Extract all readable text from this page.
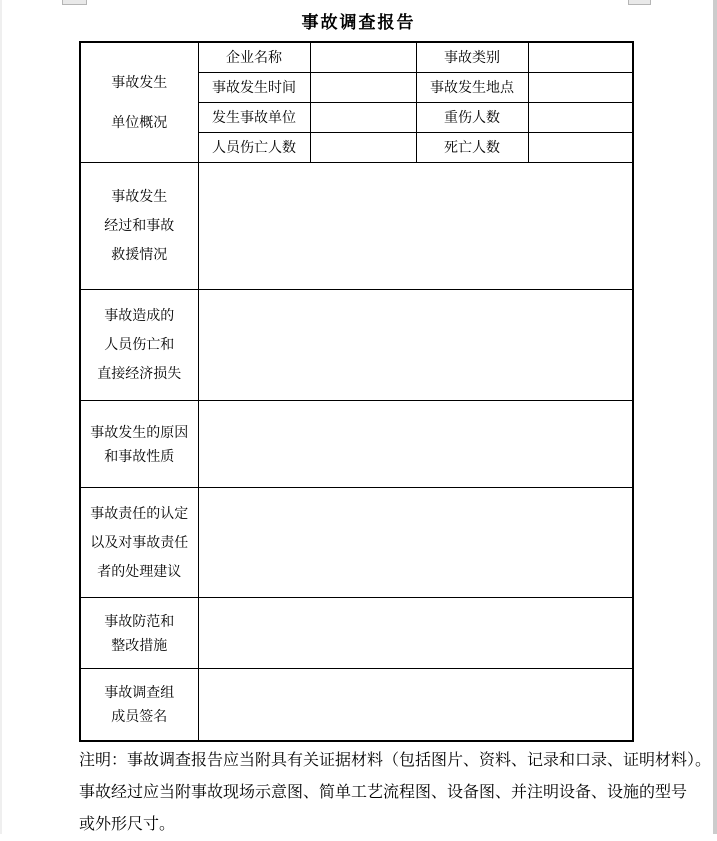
事故调查报告
事故发生
单位概况	企业名称		事故类别	
	事故发生时间		事故发生地点	
	发生事故单位		重伤人数	
	人员伤亡人数		死亡人数	

事故发生
经过和事故
救援情况				

事故造成的
人员伤亡和
直接经济损失				

事故发生的原因
和事故性质				

事故责任的认定
以及对事故责任
者的处理建议				

事故防范和
整改措施				

事故调查组
成员签名				

注明：事故调查报告应当附具有关证据材料（包括图片、资料、记录和口录、证明材料）。
事故经过应当附事故现场示意图、简单工艺流程图、设备图、并注明设备、设施的型号
或外形尺寸。
